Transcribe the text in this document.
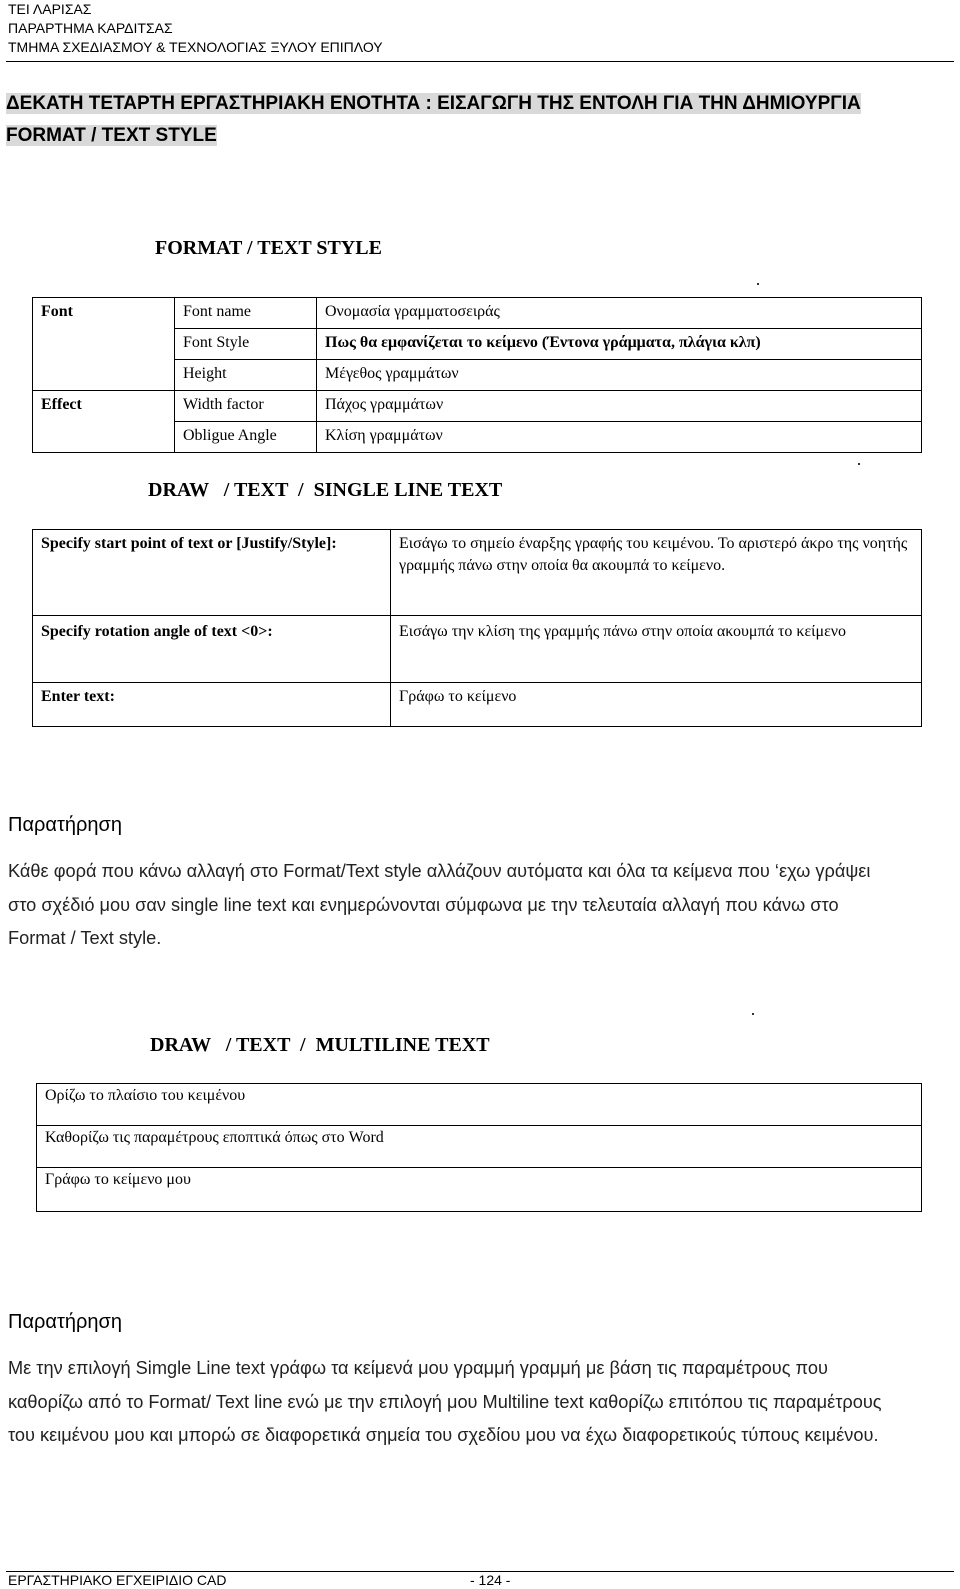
ΤΕΙ ΛΑΡΙΣΑΣ
ΠΑΡΑΡΤΗΜΑ ΚΑΡΔΙΤΣΑΣ
ΤΜΗΜΑ ΣΧΕΔΙΑΣΜΟΥ & ΤΕΧΝΟΛΟΓΙΑΣ ΞΥΛΟΥ ΕΠΙΠΛΟΥ
ΔΕΚΑΤΗ ΤΕΤΑΡΤΗ ΕΡΓΑΣΤΗΡΙΑΚΗ ΕΝΟΤΗΤΑ : ΕΙΣΑΓΩΓΗ ΤΗΣ ΕΝΤΟΛΗ ΓΙΑ ΤΗΝ ΔΗΜΙΟΥΡΓΙΑ
FORMAT / TEXT STYLE
FORMAT / TEXT STYLE
Font	Font name	Ονομασία γραμματοσειράς
	Font Style	Πως θα εμφανίζεται το κείμενο (Έντονα γράμματα, πλάγια κλπ)
	Height	Μέγεθος γραμμάτων
Effect	Width factor	Πάχος γραμμάτων
	Obligue Angle	Κλίση γραμμάτων
DRAW   / TEXT  /  SINGLE LINE TEXT
Specify start point of text or [Justify/Style]:	Εισάγω το σημείο έναρξης γραφής του κειμένου. Το αριστερό άκρο της νοητής γραμμής πάνω στην οποία θα ακουμπά το κείμενο.
Specify rotation angle of text <0>:	Εισάγω την κλίση της γραμμής πάνω στην οποία ακουμπά το κείμενο
Enter text:	Γράφω το κείμενο
Παρατήρηση
Κάθε φορά που κάνω αλλαγή στο Format/Text style αλλάζουν αυτόματα και όλα τα κείμενα που ‘εχω γράψει
στο σχέδιό μου σαν single line text και ενημερώνονται σύμφωνα με την τελευταία αλλαγή που κάνω στο
Format / Text style.
DRAW   / TEXT  /  MULTILINE TEXT
Ορίζω το πλαίσιο του κειμένου
Καθορίζω τις παραμέτρους εποπτικά όπως στο Word
Γράφω το κείμενο μου
Παρατήρηση
Με την επιλογή Simgle Line text γράφω τα κείμενά μου γραμμή γραμμή με βάση τις παραμέτρους που
καθορίζω από το Format/ Text line ενώ με την επιλογή μου Multiline text καθορίζω επιτόπου τις παραμέτρους
του κειμένου μου και μπορώ σε διαφορετικά σημεία του σχεδίου μου να έχω διαφορετικούς τύπους κειμένου.
ΕΡΓΑΣΤΗΡΙΑΚΟ ΕΓΧΕΙΡΙΔΙΟ CAD	- 124 -
